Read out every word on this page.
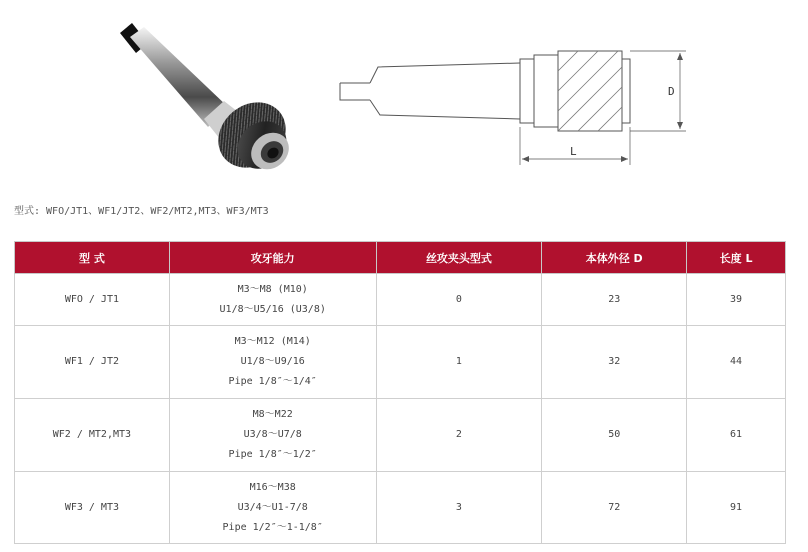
D
L
型式: WFO/JT1、WF1/JT2、WF2/MT2,MT3、WF3/MT3
型 式	攻牙能力	丝攻夹头型式	本体外径 D	长度 L
WFO / JT1	M3～M8 (M10)
U1/8～U5/16 (U3/8)	0	23	39
WF1 / JT2	M3～M12 (M14)
U1/8～U9/16
Pipe 1/8″～1/4″	1	32	44
WF2 / MT2,MT3	M8～M22
U3/8～U7/8
Pipe 1/8″～1/2″	2	50	61
WF3 / MT3	M16～M38
U3/4～U1-7/8
Pipe 1/2″～1-1/8″	3	72	91
